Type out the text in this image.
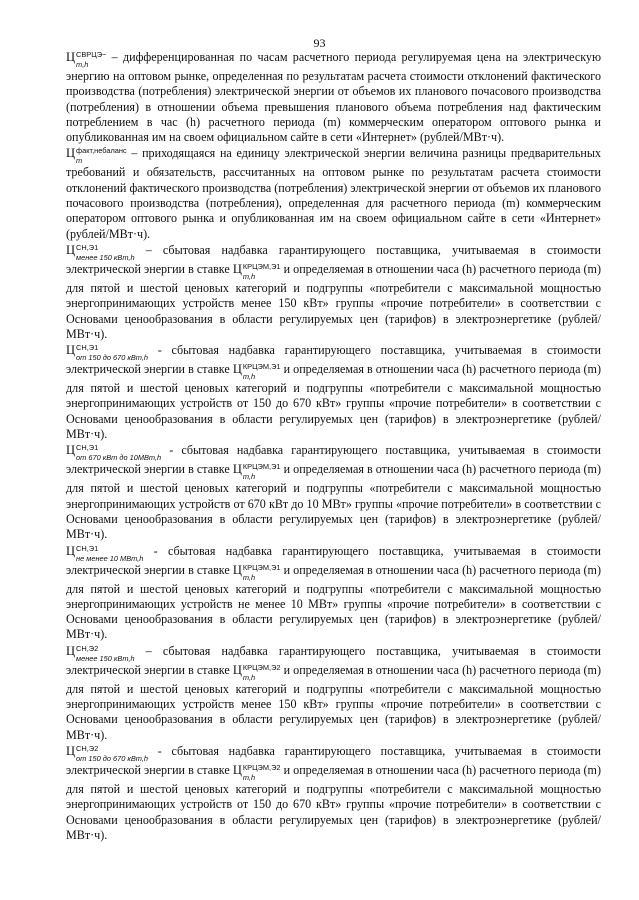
93

Ц СВРЦЭ−
m,h
– дифференцированная по часам расчетного периода регулируемая цена на электрическую энергию на оптовом рынке, определенная по результатам расчета стоимости отклонений фактического производства (потребления) электрической энергии от объемов их планового почасового производства (потребления) в отношении объема превышения планового объема потребления над фактическим потреблением в час (h) расчетного периода (m) коммерческим оператором оптового рынка и опубликованная им на своем официальном сайте в сети «Интернет» (рублей/МВт·ч).

Ц факт,небаланс
m
– приходящаяся на единицу электрической энергии величина разницы предварительных требований и обязательств, рассчитанных на оптовом рынке по результатам расчета стоимости отклонений фактического производства (потребления) электрической энергии от объемов их планового почасового производства (потребления), определенная для расчетного периода (m) коммерческим оператором оптового рынка и опубликованная им на своем официальном сайте в сети «Интернет» (рублей/МВт·ч).

Ц СН,Э1
менее 150 кВт,h
– сбытовая надбавка гарантирующего поставщика, учитываемая в стоимости электрической энергии в ставке Ц КРЦЭМ,Э1
m,h
и определяемая в отношении часа (h) расчетного периода (m) для пятой и шестой ценовых категорий и подгруппы «потребители с максимальной мощностью энергопринимающих устройств менее 150 кВт» группы «прочие потребители» в соответствии с Основами ценообразования в области регулируемых цен (тарифов) в электроэнергетике (рублей/МВт·ч).

Ц СН,Э1
от 150 до 670 кВт,h
- сбытовая надбавка гарантирующего поставщика, учитываемая в стоимости электрической энергии в ставке Ц КРЦЭМ,Э1
m,h
и определяемая в отношении часа (h) расчетного периода (m) для пятой и шестой ценовых категорий и подгруппы «потребители с максимальной мощностью энергопринимающих устройств от 150 до 670 кВт» группы «прочие потребители» в соответствии с Основами ценообразования в области регулируемых цен (тарифов) в электроэнергетике (рублей/МВт·ч).

Ц СН,Э1
от 670 кВт до 10МВт,h
- сбытовая надбавка гарантирующего поставщика, учитываемая в стоимости электрической энергии в ставке Ц КРЦЭМ,Э1
m,h
и определяемая в отношении часа (h) расчетного периода (m) для пятой и шестой ценовых категорий и подгруппы «потребители с максимальной мощностью энергопринимающих устройств от 670 кВт до 10 МВт» группы «прочие потребители» в соответствии с Основами ценообразования в области регулируемых цен (тарифов) в электроэнергетике (рублей/МВт·ч).

Ц СН,Э1
не менее 10 МВт,h
- сбытовая надбавка гарантирующего поставщика, учитываемая в стоимости электрической энергии в ставке Ц КРЦЭМ,Э1
m,h
и определяемая в отношении часа (h) расчетного периода (m) для пятой и шестой ценовых категорий и подгруппы «потребители с максимальной мощностью энергопринимающих устройств не менее 10 МВт» группы «прочие потребители» в соответствии с Основами ценообразования в области регулируемых цен (тарифов) в электроэнергетике (рублей/МВт·ч).

Ц СН,Э2
менее 150 кВт,h
– сбытовая надбавка гарантирующего поставщика, учитываемая в стоимости электрической энергии в ставке Ц КРЦЭМ,Э2
m,h
и определяемая в отношении часа (h) расчетного периода (m) для пятой и шестой ценовых категорий и подгруппы «потребители с максимальной мощностью энергопринимающих устройств менее 150 кВт» группы «прочие потребители» в соответствии с Основами ценообразования в области регулируемых цен (тарифов) в электроэнергетике (рублей/МВт·ч).

Ц СН,Э2
от 150 до 670 кВт,h
- сбытовая надбавка гарантирующего поставщика, учитываемая в стоимости электрической энергии в ставке Ц КРЦЭМ,Э2
m,h
и определяемая в отношении часа (h) расчетного периода (m) для пятой и шестой ценовых категорий и подгруппы «потребители с максимальной мощностью энергопринимающих устройств от 150 до 670 кВт» группы «прочие потребители» в соответствии с Основами ценообразования в области регулируемых цен (тарифов) в электроэнергетике (рублей/МВт·ч).
